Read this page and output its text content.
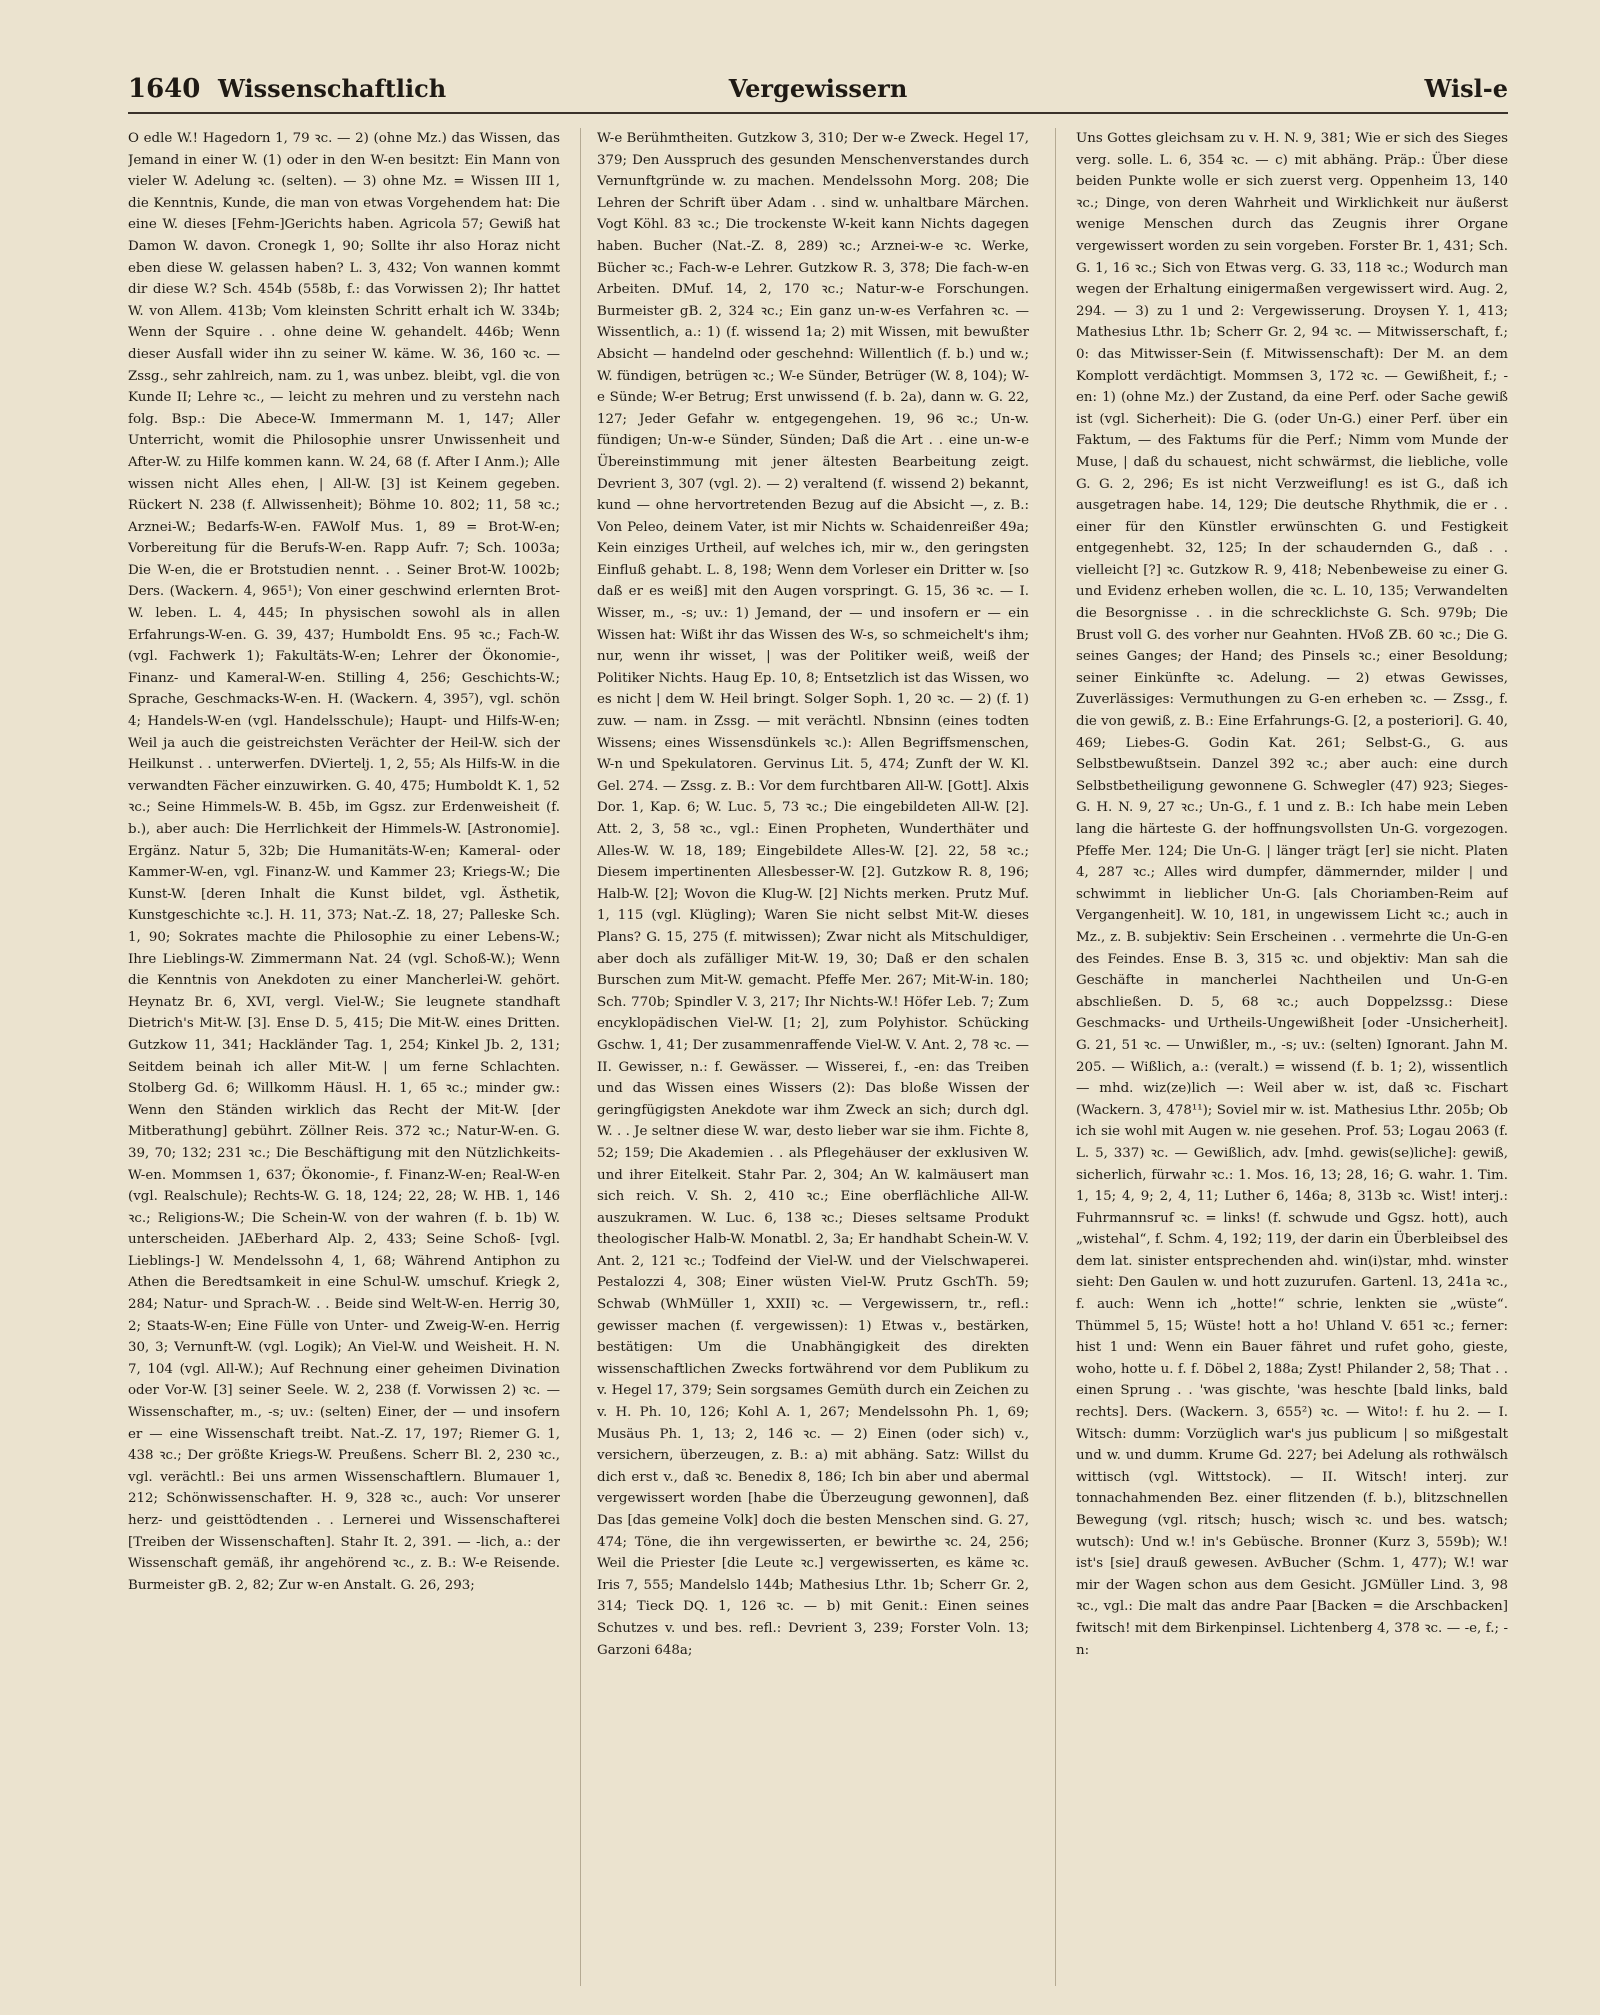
1640 Wissenschaftlich	Vergewissern	Wisl-e

O edle W.! Hagedorn 1, 79 ꝛc. — 2) (ohne Mz.) das Wissen, das Jemand in einer W. (1) oder in den W-en besitzt: Ein Mann von vieler W. Adelung ꝛc. (selten). — 3) ohne Mz. = Wissen III 1, die Kenntnis, Kunde, die man von etwas Vorgehendem hat: Die eine W. dieses [Fehm-]Gerichts haben. Agricola 57; Gewiß hat Damon W. davon. Cronegk 1, 90; Sollte ihr also Horaz nicht eben diese W. gelassen haben? L. 3, 432; Von wannen kommt dir diese W.? Sch. 454b (558b, f.: das Vorwissen 2); Ihr hattet W. von Allem. 413b; Vom kleinsten Schritt erhalt ich W. 334b; Wenn der Squire . . ohne deine W. gehandelt. 446b; Wenn dieser Ausfall wider ihn zu seiner W. käme. W. 36, 160 ꝛc. — Zssg., sehr zahlreich, nam. zu 1, was unbez. bleibt, vgl. die von Kunde II; Lehre ꝛc., — leicht zu mehren und zu verstehn nach folg. Bsp.: Die Abece-W. Immermann M. 1, 147; Aller Unterricht, womit die Philosophie unsrer Unwissenheit und After-W. zu Hilfe kommen kann. W. 24, 68 (f. After I Anm.); Alle wissen nicht Alles ehen, | All-W. [3] ist Keinem gegeben. Rückert N. 238 (f. Allwissenheit); Böhme 10. 802; 11, 58 ꝛc.; Arznei-W.; Bedarfs-W-en. FAWolf Mus. 1, 89 = Brot-W-en; Vorbereitung für die Berufs-W-en. Rapp Aufr. 7; Sch. 1003a; Die W-en, die er Brotstudien nennt. . . Seiner Brot-W. 1002b; Ders. (Wackern. 4, 965¹); Von einer geschwind erlernten Brot-W. leben. L. 4, 445; In physischen sowohl als in allen Erfahrungs-W-en. G. 39, 437; Humboldt Ens. 95 ꝛc.; Fach-W. (vgl. Fachwerk 1); Fakultäts-W-en; Lehrer der Ökonomie-, Finanz- und Kameral-W-en. Stilling 4, 256; Geschichts-W.; Sprache, Geschmacks-W-en. H. (Wackern. 4, 395⁷), vgl. schön 4; Handels-W-en (vgl. Handelsschule); Haupt- und Hilfs-W-en; Weil ja auch die geistreichsten Verächter der Heil-W. sich der Heilkunst . . unterwerfen. DViertelj. 1, 2, 55; Als Hilfs-W. in die verwandten Fächer einzuwirken. G. 40, 475; Humboldt K. 1, 52 ꝛc.; Seine Himmels-W. B. 45b, im Ggsz. zur Erdenweisheit (f. b.), aber auch: Die Herrlichkeit der Himmels-W. [Astronomie]. Ergänz. Natur 5, 32b; Die Humanitäts-W-en; Kameral- oder Kammer-W-en, vgl. Finanz-W. und Kammer 23; Kriegs-W.; Die Kunst-W. [deren Inhalt die Kunst bildet, vgl. Ästhetik, Kunstgeschichte ꝛc.]. H. 11, 373; Nat.-Z. 18, 27; Palleske Sch. 1, 90; Sokrates machte die Philosophie zu einer Lebens-W.; Ihre Lieblings-W. Zimmermann Nat. 24 (vgl. Schoß-W.); Wenn die Kenntnis von Anekdoten zu einer Mancherlei-W. gehört. Heynatz Br. 6, XVI, vergl. Viel-W.; Sie leugnete standhaft Dietrich's Mit-W. [3]. Ense D. 5, 415; Die Mit-W. eines Dritten. Gutzkow 11, 341; Hackländer Tag. 1, 254; Kinkel Jb. 2, 131; Seitdem beinah ich aller Mit-W. | um ferne Schlachten. Stolberg Gd. 6; Willkomm Häusl. H. 1, 65 ꝛc.; minder gw.: Wenn den Ständen wirklich das Recht der Mit-W. [der Mitberathung] gebührt. Zöllner Reis. 372 ꝛc.; Natur-W-en. G. 39, 70; 132; 231 ꝛc.; Die Beschäftigung mit den Nützlichkeits-W-en. Mommsen 1, 637; Ökonomie-, f. Finanz-W-en; Real-W-en (vgl. Realschule); Rechts-W. G. 18, 124; 22, 28; W. HB. 1, 146 ꝛc.; Religions-W.; Die Schein-W. von der wahren (f. b. 1b) W. unterscheiden. JAEberhard Alp. 2, 433; Seine Schoß- [vgl. Lieblings-] W. Mendelssohn 4, 1, 68; Während Antiphon zu Athen die Beredtsamkeit in eine Schul-W. umschuf. Kriegk 2, 284; Natur- und Sprach-W. . . Beide sind Welt-W-en. Herrig 30, 2; Staats-W-en; Eine Fülle von Unter- und Zweig-W-en. Herrig 30, 3; Vernunft-W. (vgl. Logik); An Viel-W. und Weisheit. H. N. 7, 104 (vgl. All-W.); Auf Rechnung einer geheimen Divination oder Vor-W. [3] seiner Seele. W. 2, 238 (f. Vorwissen 2) ꝛc. — Wissenschafter, m., -s; uv.: (selten) Einer, der — und insofern er — eine Wissenschaft treibt. Nat.-Z. 17, 197; Riemer G. 1, 438 ꝛc.; Der größte Kriegs-W. Preußens. Scherr Bl. 2, 230 ꝛc., vgl. verächtl.: Bei uns armen Wissenschaftlern. Blumauer 1, 212; Schönwissenschafter. H. 9, 328 ꝛc., auch: Vor unserer herz- und geisttödtenden . . Lernerei und Wissenschafterei [Treiben der Wissenschaften]. Stahr It. 2, 391. — -lich, a.: der Wissenschaft gemäß, ihr angehörend ꝛc., z. B.: W-e Reisende. Burmeister gB. 2, 82; Zur w-en Anstalt. G. 26, 293;

W-e Berühmtheiten. Gutzkow 3, 310; Der w-e Zweck. Hegel 17, 379; Den Ausspruch des gesunden Menschenverstandes durch Vernunftgründe w. zu machen. Mendelssohn Morg. 208; Die Lehren der Schrift über Adam . . sind w. unhaltbare Märchen. Vogt Köhl. 83 ꝛc.; Die trockenste W-keit kann Nichts dagegen haben. Bucher (Nat.-Z. 8, 289) ꝛc.; Arznei-w-e ꝛc. Werke, Bücher ꝛc.; Fach-w-e Lehrer. Gutzkow R. 3, 378; Die fach-w-en Arbeiten. DMuf. 14, 2, 170 ꝛc.; Natur-w-e Forschungen. Burmeister gB. 2, 324 ꝛc.; Ein ganz un-w-es Verfahren ꝛc. — Wissentlich, a.: 1) (f. wissend 1a; 2) mit Wissen, mit bewußter Absicht — handelnd oder geschehnd: Willentlich (f. b.) und w.; W. fündigen, betrügen ꝛc.; W-e Sünder, Betrüger (W. 8, 104); W-e Sünde; W-er Betrug; Erst unwissend (f. b. 2a), dann w. G. 22, 127; Jeder Gefahr w. entgegengehen. 19, 96 ꝛc.; Un-w. fündigen; Un-w-e Sünder, Sünden; Daß die Art . . eine un-w-e Übereinstimmung mit jener ältesten Bearbeitung zeigt. Devrient 3, 307 (vgl. 2). — 2) veraltend (f. wissend 2) bekannt, kund — ohne hervortretenden Bezug auf die Absicht —, z. B.: Von Peleo, deinem Vater, ist mir Nichts w. Schaidenreißer 49a; Kein einziges Urtheil, auf welches ich, mir w., den geringsten Einfluß gehabt. L. 8, 198; Wenn dem Vorleser ein Dritter w. [so daß er es weiß] mit den Augen vorspringt. G. 15, 36 ꝛc. — I. Wisser, m., -s; uv.: 1) Jemand, der — und insofern er — ein Wissen hat: Wißt ihr das Wissen des W-s, so schmeichelt's ihm; nur, wenn ihr wisset, | was der Politiker weiß, weiß der Politiker Nichts. Haug Ep. 10, 8; Entsetzlich ist das Wissen, wo es nicht | dem W. Heil bringt. Solger Soph. 1, 20 ꝛc. — 2) (f. 1) zuw. — nam. in Zssg. — mit verächtl. Nbnsinn (eines todten Wissens; eines Wissensdünkels ꝛc.): Allen Begriffsmenschen, W-n und Spekulatoren. Gervinus Lit. 5, 474; Zunft der W. Kl. Gel. 274. — Zssg. z. B.: Vor dem furchtbaren All-W. [Gott]. Alxis Dor. 1, Kap. 6; W. Luc. 5, 73 ꝛc.; Die eingebildeten All-W. [2]. Att. 2, 3, 58 ꝛc., vgl.: Einen Propheten, Wunderthäter und Alles-W. W. 18, 189; Eingebildete Alles-W. [2]. 22, 58 ꝛc.; Diesem impertinenten Allesbesser-W. [2]. Gutzkow R. 8, 196; Halb-W. [2]; Wovon die Klug-W. [2] Nichts merken. Prutz Muf. 1, 115 (vgl. Klügling); Waren Sie nicht selbst Mit-W. dieses Plans? G. 15, 275 (f. mitwissen); Zwar nicht als Mitschuldiger, aber doch als zufälliger Mit-W. 19, 30; Daß er den schalen Burschen zum Mit-W. gemacht. Pfeffe Mer. 267; Mit-W-in. 180; Sch. 770b; Spindler V. 3, 217; Ihr Nichts-W.! Höfer Leb. 7; Zum encyklopädischen Viel-W. [1; 2], zum Polyhistor. Schücking Gschw. 1, 41; Der zusammenraffende Viel-W. V. Ant. 2, 78 ꝛc. — II. Gewisser, n.: f. Gewässer. — Wisserei, f., -en: das Treiben und das Wissen eines Wissers (2): Das bloße Wissen der geringfügigsten Anekdote war ihm Zweck an sich; durch dgl. W. . . Je seltner diese W. war, desto lieber war sie ihm. Fichte 8, 52; 159; Die Akademien . . als Pflegehäuser der exklusiven W. und ihrer Eitelkeit. Stahr Par. 2, 304; An W. kalmäusert man sich reich. V. Sh. 2, 410 ꝛc.; Eine oberflächliche All-W. auszukramen. W. Luc. 6, 138 ꝛc.; Dieses seltsame Produkt theologischer Halb-W. Monatbl. 2, 3a; Er handhabt Schein-W. V. Ant. 2, 121 ꝛc.; Todfeind der Viel-W. und der Vielschwaperei. Pestalozzi 4, 308; Einer wüsten Viel-W. Prutz GschTh. 59; Schwab (WhMüller 1, XXII) ꝛc. — Vergewissern, tr., refl.: gewisser machen (f. vergewissen): 1) Etwas v., bestärken, bestätigen: Um die Unabhängigkeit des direkten wissenschaftlichen Zwecks fortwährend vor dem Publikum zu v. Hegel 17, 379; Sein sorgsames Gemüth durch ein Zeichen zu v. H. Ph. 10, 126; Kohl A. 1, 267; Mendelssohn Ph. 1, 69; Musäus Ph. 1, 13; 2, 146 ꝛc. — 2) Einen (oder sich) v., versichern, überzeugen, z. B.: a) mit abhäng. Satz: Willst du dich erst v., daß ꝛc. Benedix 8, 186; Ich bin aber und abermal vergewissert worden [habe die Überzeugung gewonnen], daß Das [das gemeine Volk] doch die besten Menschen sind. G. 27, 474; Töne, die ihn vergewisserten, er bewirthe ꝛc. 24, 256; Weil die Priester [die Leute ꝛc.] vergewisserten, es käme ꝛc. Iris 7, 555; Mandelslo 144b; Mathesius Lthr. 1b; Scherr Gr. 2, 314; Tieck DQ. 1, 126 ꝛc. — b) mit Genit.: Einen seines Schutzes v. und bes. refl.: Devrient 3, 239; Forster Voln. 13; Garzoni 648a;

Uns Gottes gleichsam zu v. H. N. 9, 381; Wie er sich des Sieges verg. solle. L. 6, 354 ꝛc. — c) mit abhäng. Präp.: Über diese beiden Punkte wolle er sich zuerst verg. Oppenheim 13, 140 ꝛc.; Dinge, von deren Wahrheit und Wirklichkeit nur äußerst wenige Menschen durch das Zeugnis ihrer Organe vergewissert worden zu sein vorgeben. Forster Br. 1, 431; Sch. G. 1, 16 ꝛc.; Sich von Etwas verg. G. 33, 118 ꝛc.; Wodurch man wegen der Erhaltung einigermaßen vergewissert wird. Aug. 2, 294. — 3) zu 1 und 2: Vergewisserung. Droysen Y. 1, 413; Mathesius Lthr. 1b; Scherr Gr. 2, 94 ꝛc. — Mitwisserschaft, f.; 0: das Mitwisser-Sein (f. Mitwissenschaft): Der M. an dem Komplott verdächtigt. Mommsen 3, 172 ꝛc. — Gewißheit, f.; -en: 1) (ohne Mz.) der Zustand, da eine Perf. oder Sache gewiß ist (vgl. Sicherheit): Die G. (oder Un-G.) einer Perf. über ein Faktum, — des Faktums für die Perf.; Nimm vom Munde der Muse, | daß du schauest, nicht schwärmst, die liebliche, volle G. G. 2, 296; Es ist nicht Verzweiflung! es ist G., daß ich ausgetragen habe. 14, 129; Die deutsche Rhythmik, die er . . einer für den Künstler erwünschten G. und Festigkeit entgegenhebt. 32, 125; In der schaudernden G., daß . . vielleicht [?] ꝛc. Gutzkow R. 9, 418; Nebenbeweise zu einer G. und Evidenz erheben wollen, die ꝛc. L. 10, 135; Verwandelten die Besorgnisse . . in die schrecklichste G. Sch. 979b; Die Brust voll G. des vorher nur Geahnten. HVoß ZB. 60 ꝛc.; Die G. seines Ganges; der Hand; des Pinsels ꝛc.; einer Besoldung; seiner Einkünfte ꝛc. Adelung. — 2) etwas Gewisses, Zuverlässiges: Vermuthungen zu G-en erheben ꝛc. — Zssg., f. die von gewiß, z. B.: Eine Erfahrungs-G. [2, a posteriori]. G. 40, 469; Liebes-G. Godin Kat. 261; Selbst-G., G. aus Selbstbewußtsein. Danzel 392 ꝛc.; aber auch: eine durch Selbstbetheiligung gewonnene G. Schwegler (47) 923; Sieges-G. H. N. 9, 27 ꝛc.; Un-G., f. 1 und z. B.: Ich habe mein Leben lang die härteste G. der hoffnungsvollsten Un-G. vorgezogen. Pfeffe Mer. 124; Die Un-G. | länger trägt [er] sie nicht. Platen 4, 287 ꝛc.; Alles wird dumpfer, dämmernder, milder | und schwimmt in lieblicher Un-G. [als Choriamben-Reim auf Vergangenheit]. W. 10, 181, in ungewissem Licht ꝛc.; auch in Mz., z. B. subjektiv: Sein Erscheinen . . vermehrte die Un-G-en des Feindes. Ense B. 3, 315 ꝛc. und objektiv: Man sah die Geschäfte in mancherlei Nachtheilen und Un-G-en abschließen. D. 5, 68 ꝛc.; auch Doppelzssg.: Diese Geschmacks- und Urtheils-Ungewißheit [oder -Unsicherheit]. G. 21, 51 ꝛc. — Unwißler, m., -s; uv.: (selten) Ignorant. Jahn M. 205. — Wißlich, a.: (veralt.) = wissend (f. b. 1; 2), wissentlich — mhd. wiz(ze)lich —: Weil aber w. ist, daß ꝛc. Fischart (Wackern. 3, 478¹¹); Soviel mir w. ist. Mathesius Lthr. 205b; Ob ich sie wohl mit Augen w. nie gesehen. Prof. 53; Logau 2063 (f. L. 5, 337) ꝛc. — Gewißlich, adv. [mhd. gewis(se)liche]: gewiß, sicherlich, fürwahr ꝛc.: 1. Mos. 16, 13; 28, 16; G. wahr. 1. Tim. 1, 15; 4, 9; 2, 4, 11; Luther 6, 146a; 8, 313b ꝛc. Wist! interj.: Fuhrmannsruf ꝛc. = links! (f. schwude und Ggsz. hott), auch „wistehal“, f. Schm. 4, 192; 119, der darin ein Überbleibsel des dem lat. sinister entsprechenden ahd. win(i)star, mhd. winster sieht: Den Gaulen w. und hott zuzurufen. Gartenl. 13, 241a ꝛc., f. auch: Wenn ich „hotte!“ schrie, lenkten sie „wüste“. Thümmel 5, 15; Wüste! hott a ho! Uhland V. 651 ꝛc.; ferner: hist 1 und: Wenn ein Bauer fähret und rufet goho, gieste, woho, hotte u. f. f. Döbel 2, 188a; Zyst! Philander 2, 58; That . . einen Sprung . . 'was gischte, 'was heschte [bald links, bald rechts]. Ders. (Wackern. 3, 655²) ꝛc. — Wito!: f. hu 2. — I. Witsch: dumm: Vorzüglich war's jus publicum | so mißgestalt und w. und dumm. Krume Gd. 227; bei Adelung als rothwälsch wittisch (vgl. Wittstock). — II. Witsch! interj. zur tonnachahmenden Bez. einer flitzenden (f. b.), blitzschnellen Bewegung (vgl. ritsch; husch; wisch ꝛc. und bes. watsch; wutsch): Und w.! in's Gebüsche. Bronner (Kurz 3, 559b); W.! ist's [sie] drauß gewesen. AvBucher (Schm. 1, 477); W.! war mir der Wagen schon aus dem Gesicht. JGMüller Lind. 3, 98 ꝛc., vgl.: Die malt das andre Paar [Backen = die Arschbacken] fwitsch! mit dem Birkenpinsel. Lichtenberg 4, 378 ꝛc. — -e, f.; -n:
